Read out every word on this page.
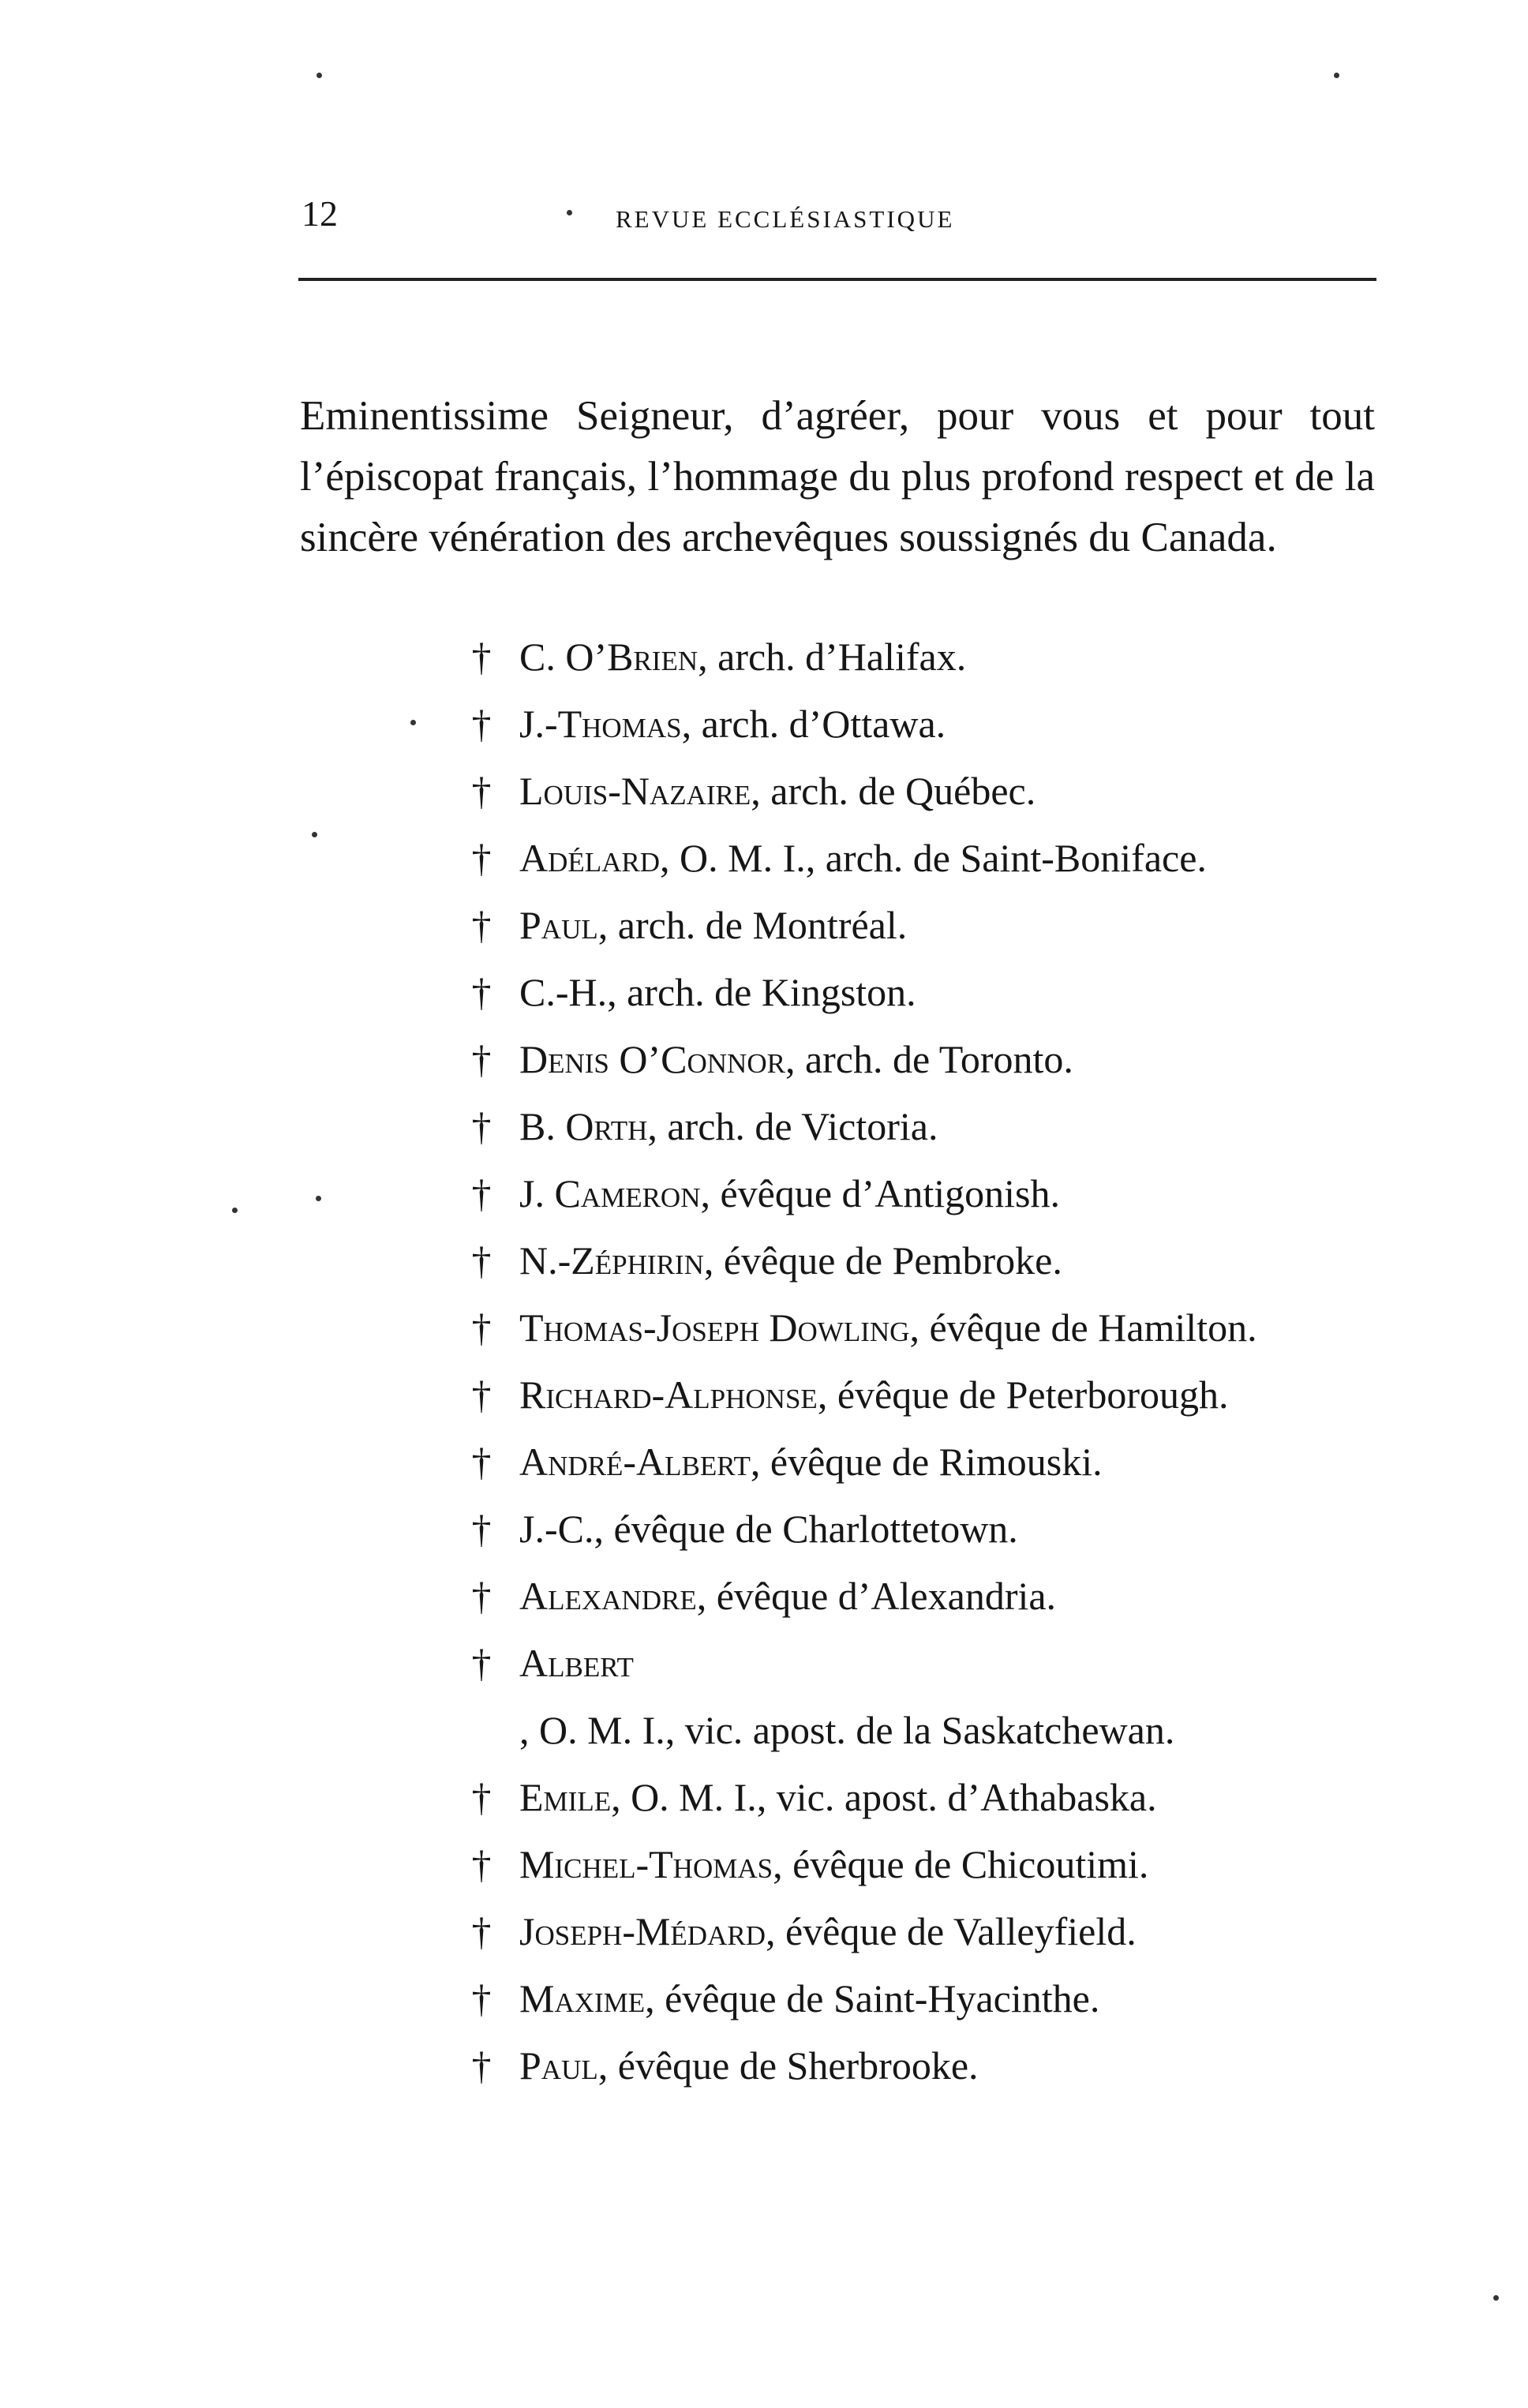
12	REVUE ECCLÉSIASTIQUE

Eminentissime Seigneur, d’agréer, pour vous et pour tout l’épiscopat français, l’hommage du plus profond respect et de la sincère vénération des archevêques soussignés du Canada.

† C. O’Brien, arch. d’Halifax.
† J.-Thomas, arch. d’Ottawa.
† Louis-Nazaire, arch. de Québec.
† Adélard, O. M. I., arch. de Saint-Boniface.
† Paul, arch. de Montréal.
† C.-H., arch. de Kingston.
† Denis O’Connor, arch. de Toronto.
† B. Orth, arch. de Victoria.
† J. Cameron, évêque d’Antigonish.
† N.-Zéphirin, évêque de Pembroke.
† Thomas-Joseph Dowling, évêque de Hamilton.
† Richard-Alphonse, évêque de Peterborough.
† André-Albert, évêque de Rimouski.
† J.-C., évêque de Charlottetown.
† Alexandre, évêque d’Alexandria.
† Albert
, O. M. I., vic. apost. de la Saskatchewan.
† Emile, O. M. I., vic. apost. d’Athabaska.
† Michel-Thomas, évêque de Chicoutimi.
† Joseph-Médard, évêque de Valleyfield.
† Maxime, évêque de Saint-Hyacinthe.
† Paul, évêque de Sherbrooke.
